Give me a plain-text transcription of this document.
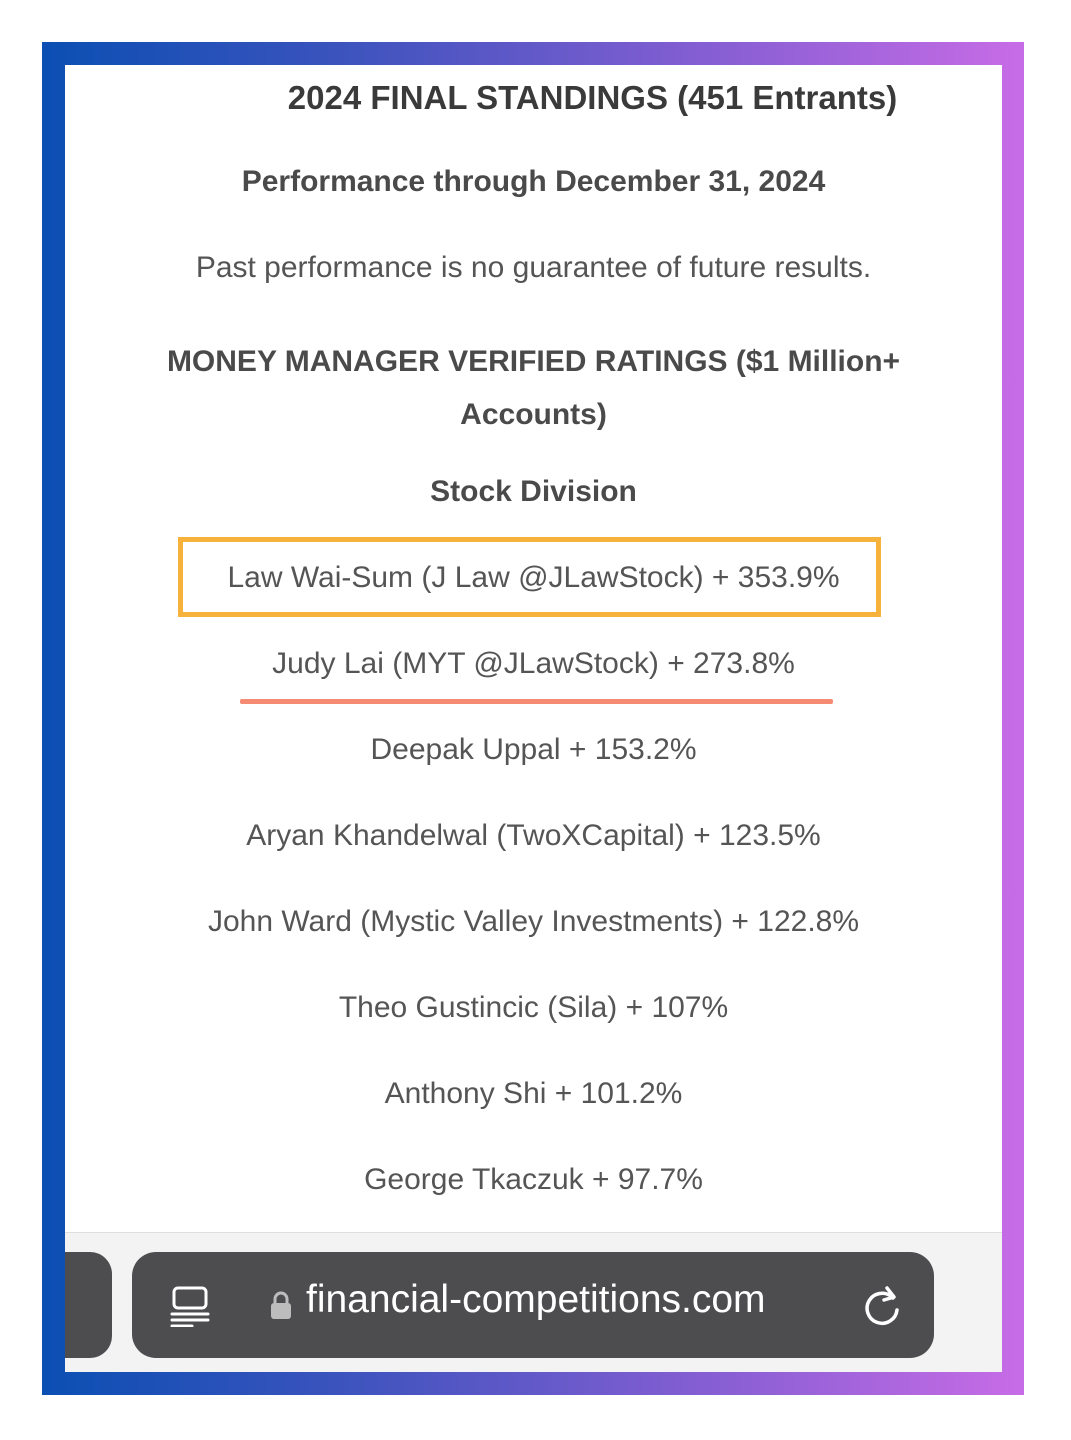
2024 FINAL STANDINGS (451 Entrants)
Performance through December 31, 2024
Past performance is no guarantee of future results.
MONEY MANAGER VERIFIED RATINGS ($1 Million+ Accounts)
Stock Division
Law Wai-Sum (J Law @JLawStock) + 353.9%
Judy Lai (MYT @JLawStock) + 273.8%
Deepak Uppal + 153.2%
Aryan Khandelwal (TwoXCapital) + 123.5%
John Ward (Mystic Valley Investments) + 122.8%
Theo Gustincic (Sila) + 107%
Anthony Shi + 101.2%
George Tkaczuk + 97.7%
financial-competitions.com
